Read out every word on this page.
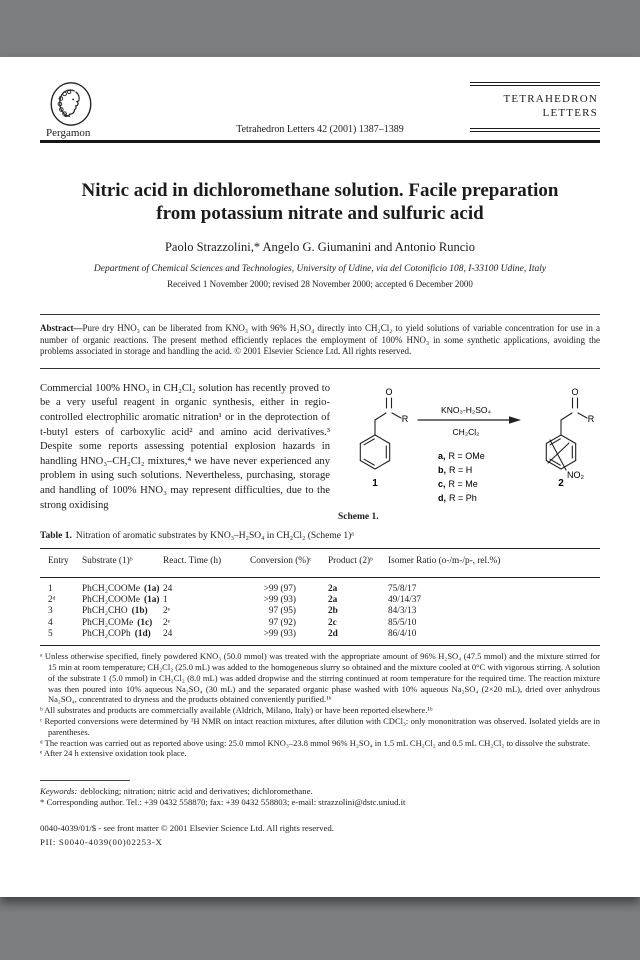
Pergamon	Tetrahedron Letters 42 (2001) 1387–1389
TETRAHEDRON
LETTERS
Nitric acid in dichloromethane solution. Facile preparation
from potassium nitrate and sulfuric acid
Paolo Strazzolini,* Angelo G. Giumanini and Antonio Runcio
Department of Chemical Sciences and Technologies, University of Udine, via del Cotonificio 108, I-33100 Udine, Italy
Received 1 November 2000; revised 28 November 2000; accepted 6 December 2000
Abstract—Pure dry HNO₃ can be liberated from KNO₃ with 96% H₂SO₄ directly into CH₂Cl₂ to yield solutions of variable concentration for use in a number of organic reactions. The present method efficiently replaces the employment of 100% HNO₃ in some synthetic applications, avoiding the problems associated in storage and handling the acid. © 2001 Elsevier Science Ltd. All rights reserved.
Commercial 100% HNO₃ in CH₂Cl₂ solution has recently proved to be a very useful reagent in organic synthesis, either in regio-controlled electrophilic aromatic nitration¹ or in the deprotection of t-butyl esters of carboxylic acid² and amino acid derivatives.³ Despite some reports assessing potential explosion hazards in handling HNO₃–CH₂Cl₂ mixtures,⁴ we have never experienced any problem in using such solutions. Nevertheless, purchasing, storage and handling of 100% HNO₃ may represent difficulties, due to the strong oxidising
O
R
1
KNO₃-H₂SO₄
CH₂Cl₂
a, R = OMe
b, R = H
c, R = Me
d, R = Ph
O
R
NO₂
2
Scheme 1.
Table 1. Nitration of aromatic substrates by KNO₃–H₂SO₄ in CH₂Cl₂ (Scheme 1)ᵃ
Entry	Substrate (1)ᵇ	React. Time (h)	Conversion (%)ᶜ	Product (2)ᵇ	Isomer Ratio (o-/m-/p-, rel.%)
1	PhCH₂COOMe (1a) 24	>99 (97)	2a	75/8/17
2ᵈ	PhCH₂COOMe (1a) 1	>99 (93)	2a	49/14/37
3	PhCH₂CHO (1b)	2ᵉ	97 (95)	2b	84/3/13
4	PhCH₂COMe (1c)	2ᵉ	97 (92)	2c	85/5/10
5	PhCH₂COPh (1d)	24	>99 (93)	2d	86/4/10
ᵃ Unless otherwise specified, finely powdered KNO₃ (50.0 mmol) was treated with the appropriate amount of 96% H₂SO₄ (47.5 mmol) and the mixture stirred for 15 min at room temperature; CH₂Cl₂ (25.0 mL) was added to the homogeneous slurry so obtained and the mixture cooled at 0°C with vigorous stirring. A solution of the substrate 1 (5.0 mmol) in CH₂Cl₂ (8.0 mL) was added dropwise and the stirring continued at room temperature for the required time. The reaction mixture was then poured into 10% aqueous Na₂SO₄ (30 mL) and the separated organic phase washed with 10% aqueous Na₂SO₄ (2×20 mL), dried over anhydrous Na₂SO₄, concentrated to dryness and the products obtained conveniently purified.¹ᵇ
ᵇ All substrates and products are commercially available (Aldrich, Milano, Italy) or have been reported elsewhere.¹ᵇ
ᶜ Reported conversions were determined by ¹H NMR on intact reaction mixtures, after dilution with CDCl₃: only mononitration was observed. Isolated yields are in parentheses.
ᵈ The reaction was carried out as reported above using: 25.0 mmol KNO₃–23.8 mmol 96% H₂SO₄ in 1.5 mL CH₂Cl₂ and 0.5 mL CH₂Cl₂ to dissolve the substrate.
ᵉ After 24 h extensive oxidation took place.
Keywords: deblocking; nitration; nitric acid and derivatives; dichloromethane.
* Corresponding author. Tel.: +39 0432 558870; fax: +39 0432 558803; e-mail: strazzolini@dstc.uniud.it
0040-4039/01/$ - see front matter © 2001 Elsevier Science Ltd. All rights reserved.
PII: S0040-4039(00)02253-X
